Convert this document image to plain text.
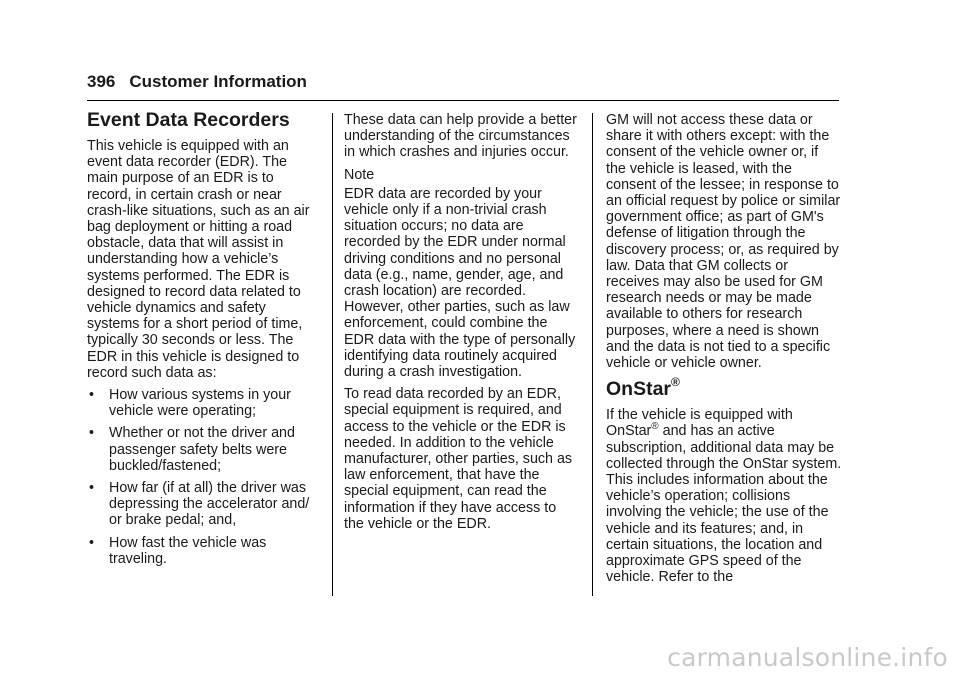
396 Customer Information
Event Data Recorders

This vehicle is equipped with an event data recorder (EDR). The main purpose of an EDR is to record, in certain crash or near crash-like situations, such as an air bag deployment or hitting a road obstacle, data that will assist in understanding how a vehicle’s systems performed. The EDR is designed to record data related to vehicle dynamics and safety systems for a short period of time, typically 30 seconds or less. The EDR in this vehicle is designed to record such data as:

• How various systems in your vehicle were operating;
• Whether or not the driver and passenger safety belts were buckled/fastened;
• How far (if at all) the driver was depressing the accelerator and/ or brake pedal; and,
• How fast the vehicle was traveling.

These data can help provide a better understanding of the circumstances in which crashes and injuries occur.

Note

EDR data are recorded by your vehicle only if a non-trivial crash situation occurs; no data are recorded by the EDR under normal driving conditions and no personal data (e.g., name, gender, age, and crash location) are recorded. However, other parties, such as law enforcement, could combine the EDR data with the type of personally identifying data routinely acquired during a crash investigation.

To read data recorded by an EDR, special equipment is required, and access to the vehicle or the EDR is needed. In addition to the vehicle manufacturer, other parties, such as law enforcement, that have the special equipment, can read the information if they have access to the vehicle or the EDR.

GM will not access these data or share it with others except: with the consent of the vehicle owner or, if the vehicle is leased, with the consent of the lessee; in response to an official request by police or similar government office; as part of GM's defense of litigation through the discovery process; or, as required by law. Data that GM collects or receives may also be used for GM research needs or may be made available to others for research purposes, where a need is shown and the data is not tied to a specific vehicle or vehicle owner.

OnStar®

If the vehicle is equipped with OnStar® and has an active subscription, additional data may be collected through the OnStar system. This includes information about the vehicle’s operation; collisions involving the vehicle; the use of the vehicle and its features; and, in certain situations, the location and approximate GPS speed of the vehicle. Refer to the

carmanualsonline.info
